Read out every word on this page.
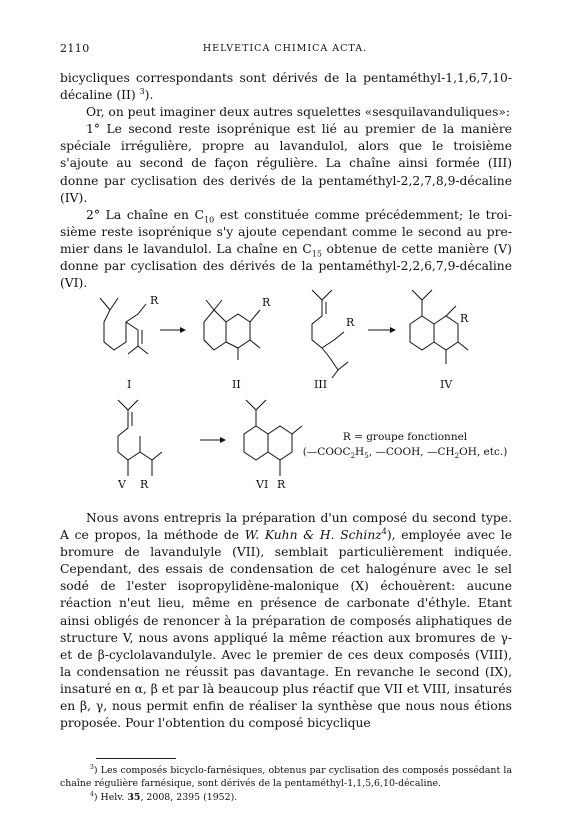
2110	HELVETICA CHIMICA ACTA.

bicycliques correspondants sont dérivés de la pentaméthyl-1,1,6,7,10-décaline (II) $^3$).

Or, on peut imaginer deux autres squelettes «sesquilavanduliques»:

1° Le second reste isoprénique est lié au premier de la manière spéciale irrégulière, propre au lavandulol, alors que le troisième s'ajoute au second de façon régulière. La chaîne ainsi formée (III) donne par cyclisation des derivés de la pentaméthyl-2,2,7,8,9-décaline (IV).

2° La chaîne en $C_{10}$ est constituée comme précédemment; le troisième reste isoprénique s'y ajoute cependant comme le second au premier dans le lavandulol. La chaîne en $C_{15}$ obtenue de cette manière (V) donne par cyclisation des dérivés de la pentaméthyl-2,2,6,7,9-décaline (VI).

R	R
R	R
I	II	III	IV
V R	VI R
R = groupe fonctionnel
($—COOC_2H_5$, —COOH, $—CH_2OH$, etc.)

Nous avons entrepris la préparation d'un composé du second type. A ce propos, la méthode de W. Kuhn & H. Schinz$^4$), employée avec le bromure de lavandulyle (VII), semblait particulièrement indiquée. Cependant, des essais de condensation de cet halogénure avec le sel sodé de l'ester isopropylidène-malonique (X) échouèrent: aucune réaction n'eut lieu, même en présence de carbonate d'éthyle. Etant ainsi obligés de renoncer à la préparation de composés aliphatiques de structure V, nous avons appliqué la même réaction aux bromures de γ-et de β-cyclolavandulyle. Avec le premier de ces deux composés (VIII), la condensation ne réussit pas davantage. En revanche le second (IX), insaturé en α, β et par là beaucoup plus réactif que VII et VIII, insaturés en β, γ, nous permit enfin de réaliser la synthèse que nous nous étions proposée. Pour l'obtention du composé bicyclique

$^3$) Les composés bicyclo-farnésiques, obtenus par cyclisation des composés possédant la chaîne régulière farnésique, sont dérivés de la pentaméthyl-1,1,5,6,10-décaline.

$^4$) Helv. 35, 2008, 2395 (1952).
